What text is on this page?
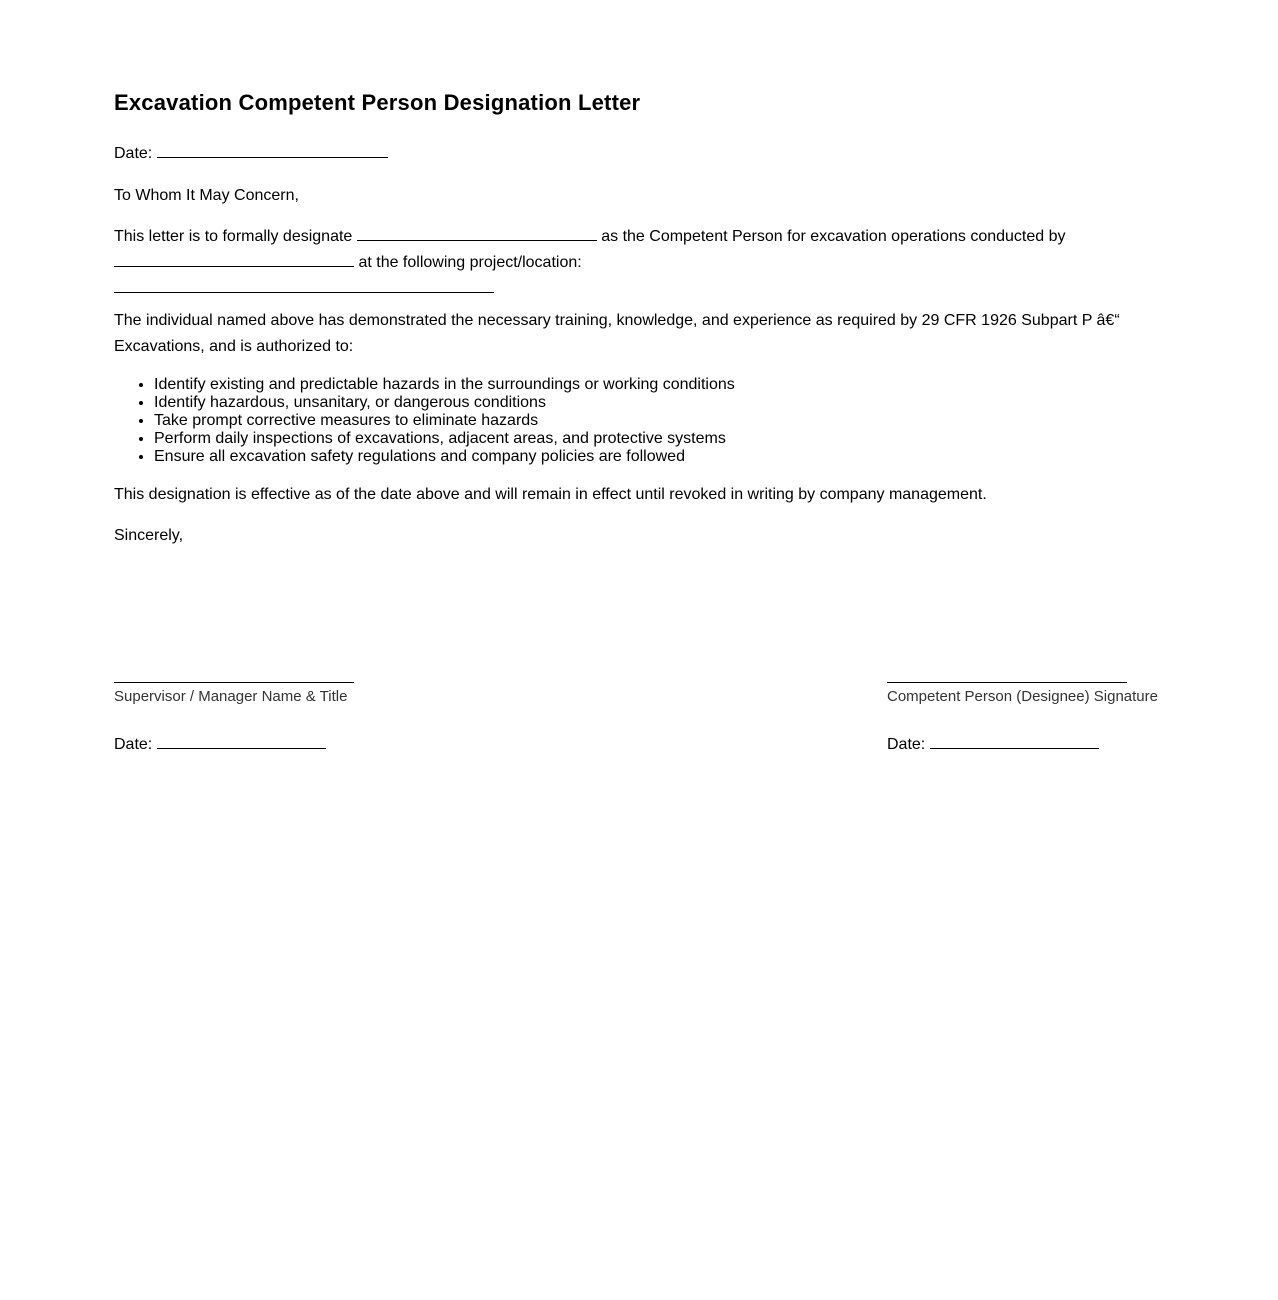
Excavation Competent Person Designation Letter
Date:
To Whom It May Concern,
This letter is to formally designate	as the Competent Person for excavation operations conducted by
at the following project/location:
The individual named above has demonstrated the necessary training, knowledge, and experience as required by 29 CFR 1926 Subpart P â€“
Excavations, and is authorized to:
• Identify existing and predictable hazards in the surroundings or working conditions
• Identify hazardous, unsanitary, or dangerous conditions
• Take prompt corrective measures to eliminate hazards
• Perform daily inspections of excavations, adjacent areas, and protective systems
• Ensure all excavation safety regulations and company policies are followed
This designation is effective as of the date above and will remain in effect until revoked in writing by company management.
Sincerely,
Supervisor / Manager Name & Title
Date:
Competent Person (Designee) Signature
Date:
